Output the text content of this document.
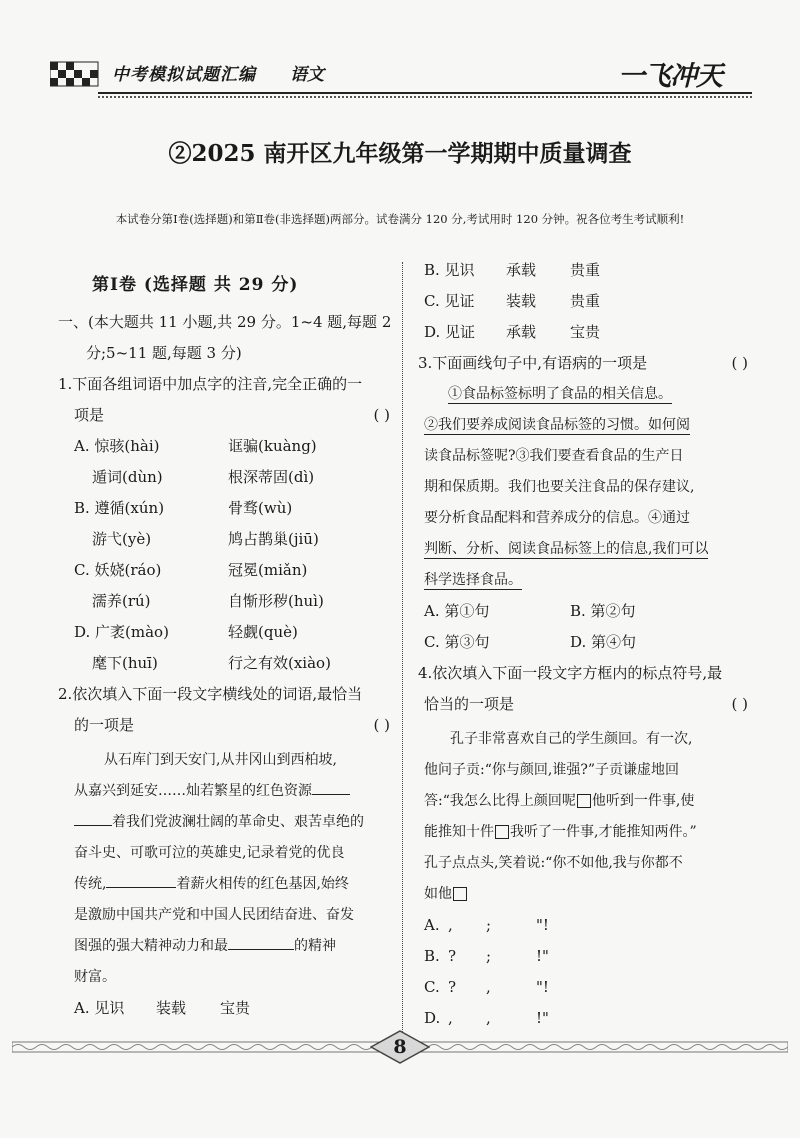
中考模拟试题汇编 语文	一飞冲天
②2025 南开区九年级第一学期期中质量调查
本试卷分第Ⅰ卷(选择题)和第Ⅱ卷(非选择题)两部分。试卷满分 120 分,考试用时 120 分钟。祝各位考生考试顺利!
第Ⅰ卷 (选择题 共 29 分)
一、(本大题共 11 小题,共 29 分。1~4 题,每题 2
分;5~11 题,每题 3 分)
1.下面各组词语中加点字的注音,完全正确的一
项是	( )
A. 惊骇(hài)	诓骗(kuàng)
遁词(dùn)	根深蒂固(dì)
B. 遵循(xún)	骨骛(wù)
游弋(yè)	鸠占鹊巢(jiū)
C. 妖娆(ráo)	冠冕(miǎn)
濡养(rú)	自惭形秽(huì)
D. 广袤(mào)	轻觑(què)
麾下(huī)	行之有效(xiào)
2.依次填入下面一段文字横线处的词语,最恰当
的一项是	( )
从石库门到天安门,从井冈山到西柏坡,
从嘉兴到延安……灿若繁星的红色资源
着我们党波澜壮阔的革命史、艰苦卓绝的
奋斗史、可歌可泣的英雄史,记录着党的优良
传统,	着薪火相传的红色基因,始终
是激励中国共产党和中国人民团结奋进、奋发
图强的强大精神动力和最	的精神
财富。
A. 见识 装载 宝贵
B. 见识 承载 贵重
C. 见证 装载 贵重
D. 见证 承载 宝贵
3.下面画线句子中,有语病的一项是	( )
①食品标签标明了食品的相关信息。
②我们要养成阅读食品标签的习惯。如何阅
读食品标签呢?③我们要查看食品的生产日
期和保质期。我们也要关注食品的保存建议,
要分析食品配料和营养成分的信息。④通过
判断、分析、阅读食品标签上的信息,我们可以
科学选择食品。
A. 第①句	B. 第②句
C. 第③句	D. 第④句
4.依次填入下面一段文字方框内的标点符号,最
恰当的一项是	( )
孔子非常喜欢自己的学生颜回。有一次,
他问子贡:“你与颜回,谁强?”子贡谦虚地回
答:“我怎么比得上颜回呢 他听到一件事,使
能推知十件 我听了一件事,才能推知两件。”
孔子点点头,笑着说:“你不如他,我与你都不
如他
A. , ;	"!
B. ? ;	!"
C. ? ,	"!
D. , ,	!"
8
